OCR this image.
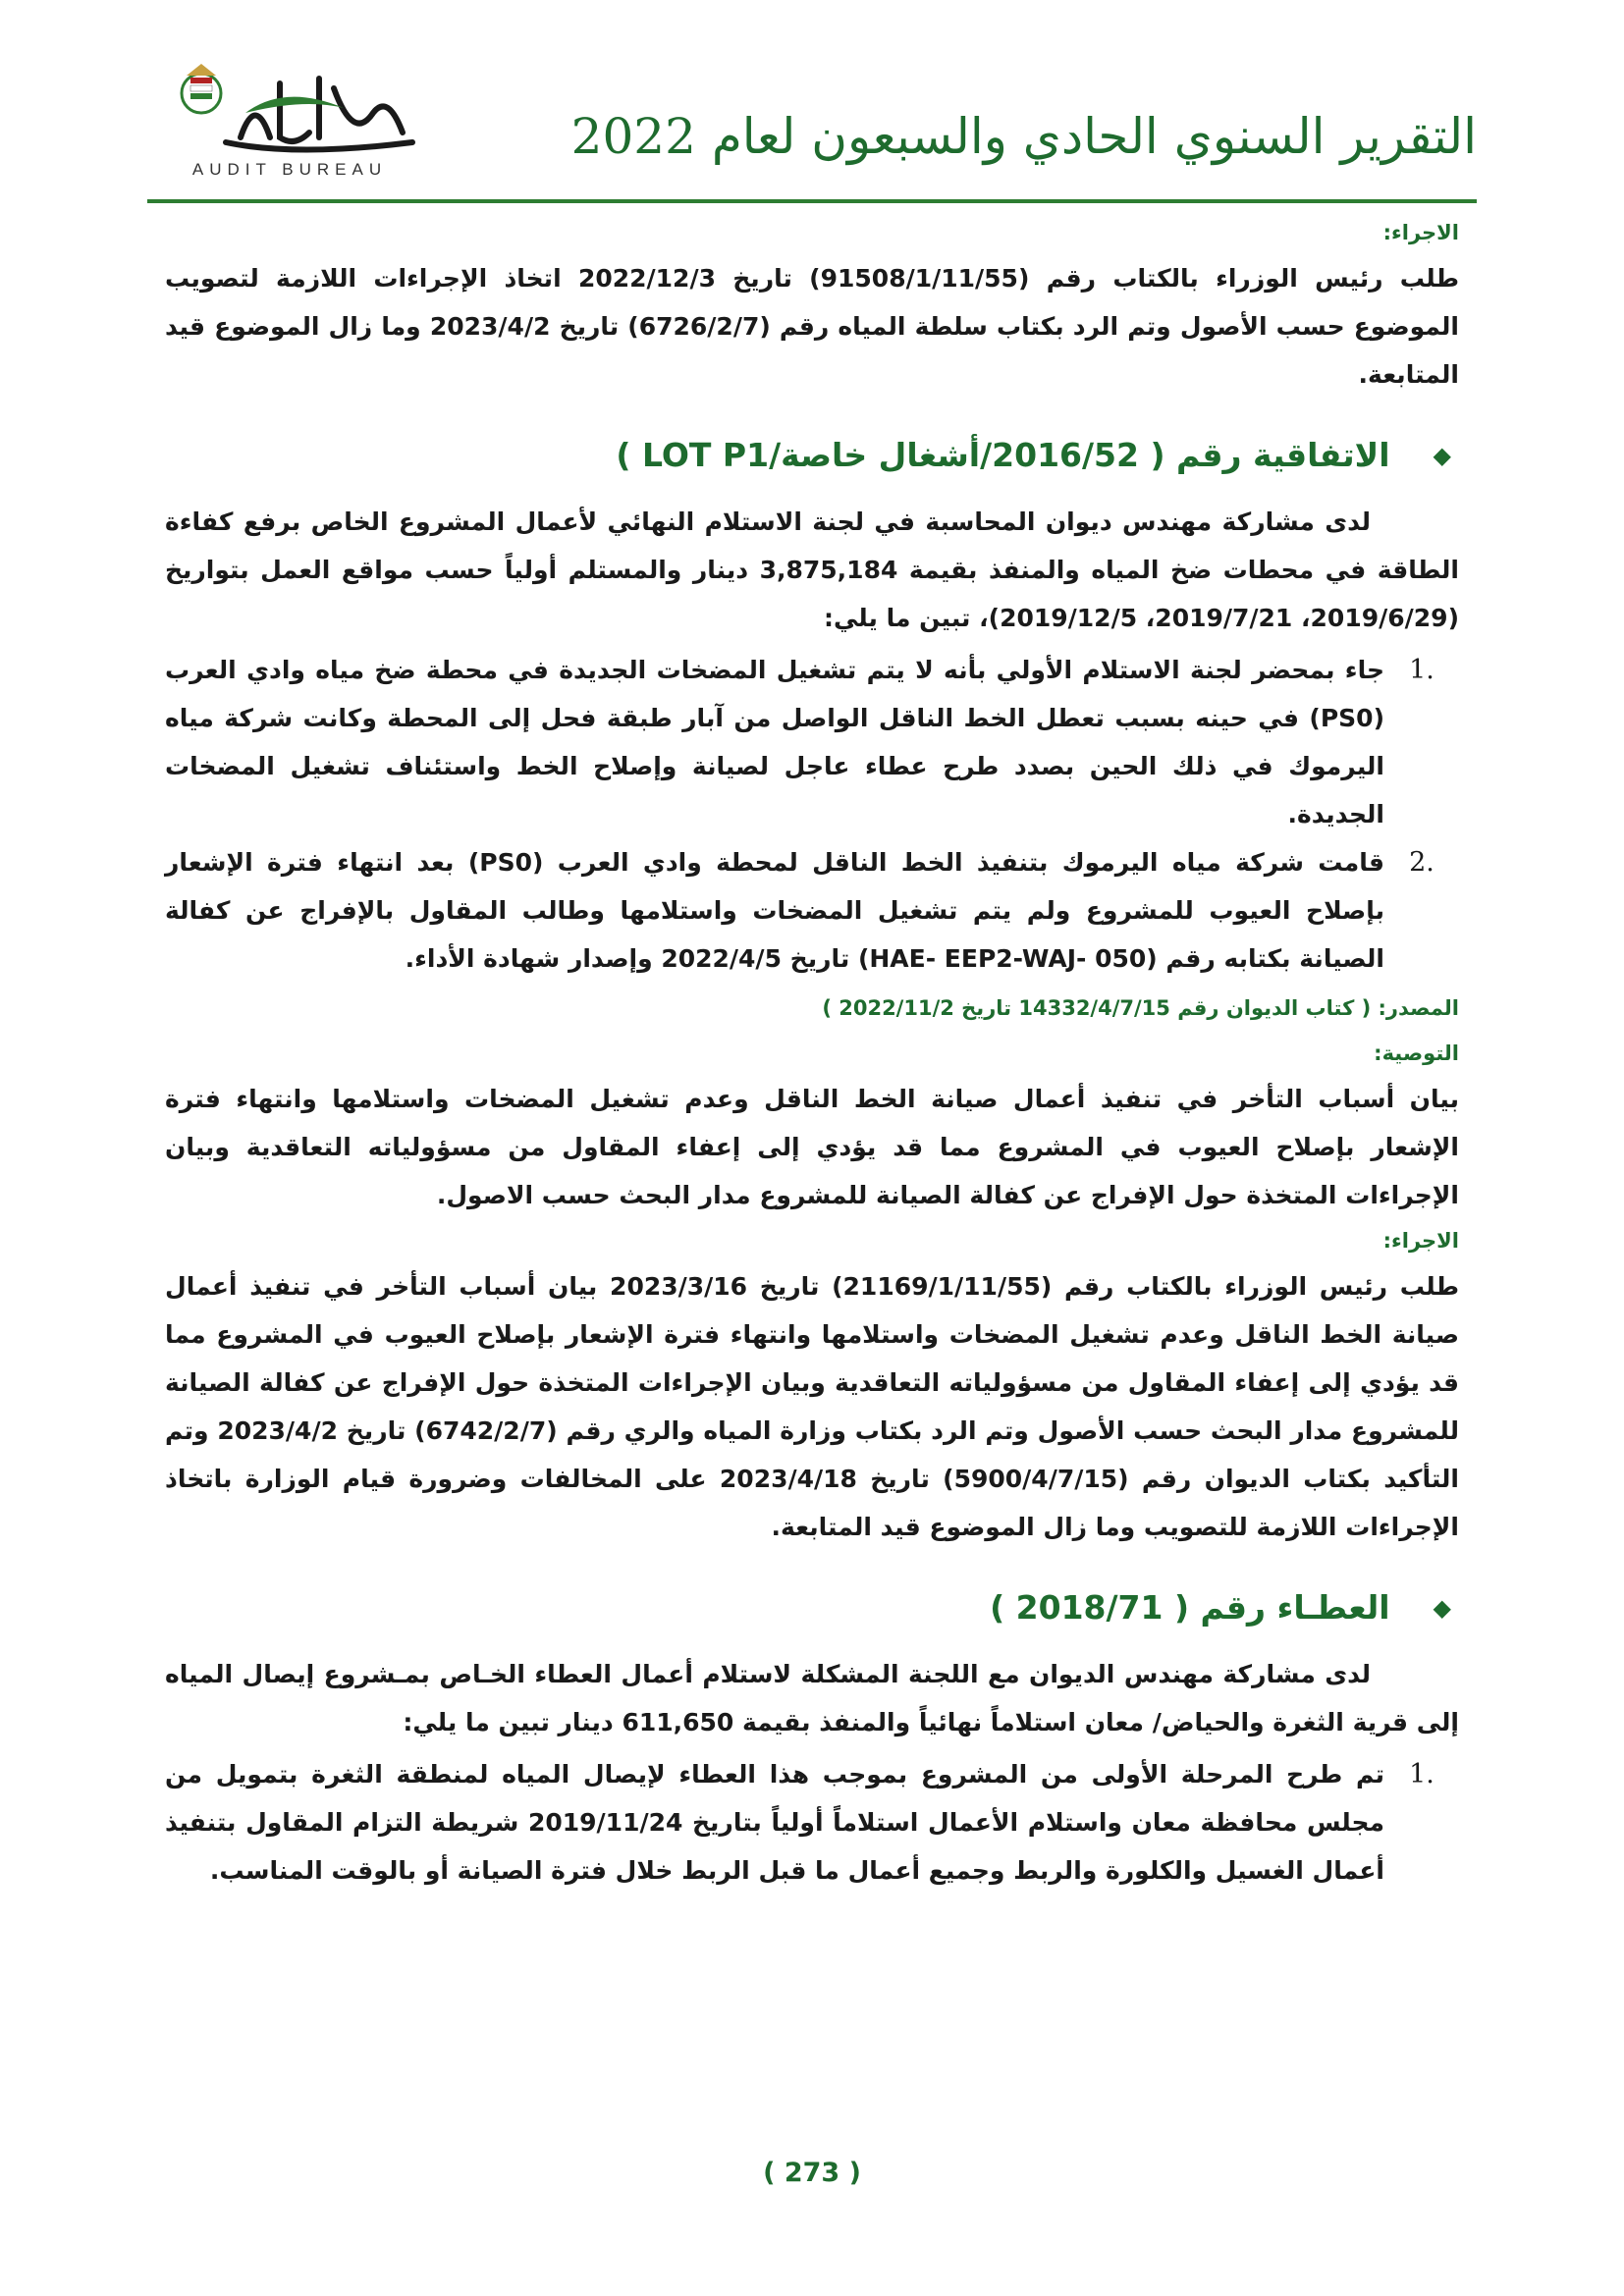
التقرير السنوي الحادي والسبعون لعام 2022
AUDIT BUREAU

الاجراء:

طلب رئيس الوزراء بالكتاب رقم (91508/1/11/55) تاريخ 2022/12/3 اتخاذ الإجراءات اللازمة لتصويب الموضوع حسب الأصول وتم الرد بكتاب سلطة المياه رقم (6726/2/7) تاريخ 2023/4/2 وما زال الموضوع قيد المتابعة.

◆
الاتفاقية رقم ( 2016/52/أشغال خاصة/LOT P1 )

لدى مشاركة مهندس ديوان المحاسبة في لجنة الاستلام النهائي لأعمال المشروع الخاص برفع كفاءة الطاقة في محطات ضخ المياه والمنفذ بقيمة 3,875,184 دينار والمستلم أولياً حسب مواقع العمل بتواريخ (2019/6/29، 2019/7/21، 2019/12/5)، تبين ما يلي:

1.
جاء بمحضر لجنة الاستلام الأولي بأنه لا يتم تشغيل المضخات الجديدة في محطة ضخ مياه وادي العرب (PS0) في حينه بسبب تعطل الخط الناقل الواصل من آبار طبقة فحل إلى المحطة وكانت شركة مياه اليرموك في ذلك الحين بصدد طرح عطاء عاجل لصيانة وإصلاح الخط واستئناف تشغيل المضخات الجديدة.
2.
قامت شركة مياه اليرموك بتنفيذ الخط الناقل لمحطة وادي العرب (PS0) بعد انتهاء فترة الإشعار بإصلاح العيوب للمشروع ولم يتم تشغيل المضخات واستلامها وطالب المقاول بالإفراج عن كفالة الصيانة بكتابه رقم (HAE- EEP2-WAJ- 050) تاريخ 2022/4/5 وإصدار شهادة الأداء.

المصدر: ( كتاب الديوان رقم 14332/4/7/15 تاريخ 2022/11/2 )

التوصية:

بيان أسباب التأخر في تنفيذ أعمال صيانة الخط الناقل وعدم تشغيل المضخات واستلامها وانتهاء فترة الإشعار بإصلاح العيوب في المشروع مما قد يؤدي إلى إعفاء المقاول من مسؤولياته التعاقدية وبيان الإجراءات المتخذة حول الإفراج عن كفالة الصيانة للمشروع مدار البحث حسب الاصول.

الاجراء:

طلب رئيس الوزراء بالكتاب رقم (21169/1/11/55) تاريخ 2023/3/16 بيان أسباب التأخر في تنفيذ أعمال صيانة الخط الناقل وعدم تشغيل المضخات واستلامها وانتهاء فترة الإشعار بإصلاح العيوب في المشروع مما قد يؤدي إلى إعفاء المقاول من مسؤولياته التعاقدية وبيان الإجراءات المتخذة حول الإفراج عن كفالة الصيانة للمشروع مدار البحث حسب الأصول وتم الرد بكتاب وزارة المياه والري رقم (6742/2/7) تاريخ 2023/4/2 وتم التأكيد بكتاب الديوان رقم (5900/4/7/15) تاريخ 2023/4/18 على المخالفات وضرورة قيام الوزارة باتخاذ الإجراءات اللازمة للتصويب وما زال الموضوع قيد المتابعة.

◆
العطـاء رقم ( 2018/71 )

لدى مشاركة مهندس الديوان مع اللجنة المشكلة لاستلام أعمال العطاء الخـاص بمـشروع إيصال المياه إلى قرية الثغرة والحياض/ معان استلاماً نهائياً والمنفذ بقيمة 611,650 دينار تبين ما يلي:

1.
تم طرح المرحلة الأولى من المشروع بموجب هذا العطاء لإيصال المياه لمنطقة الثغرة بتمويل من مجلس محافظة معان واستلام الأعمال استلاماً أولياً بتاريخ 2019/11/24 شريطة التزام المقاول بتنفيذ أعمال الغسيل والكلورة والربط وجميع أعمال ما قبل الربط خلال فترة الصيانة أو بالوقت المناسب.
( 273 )
